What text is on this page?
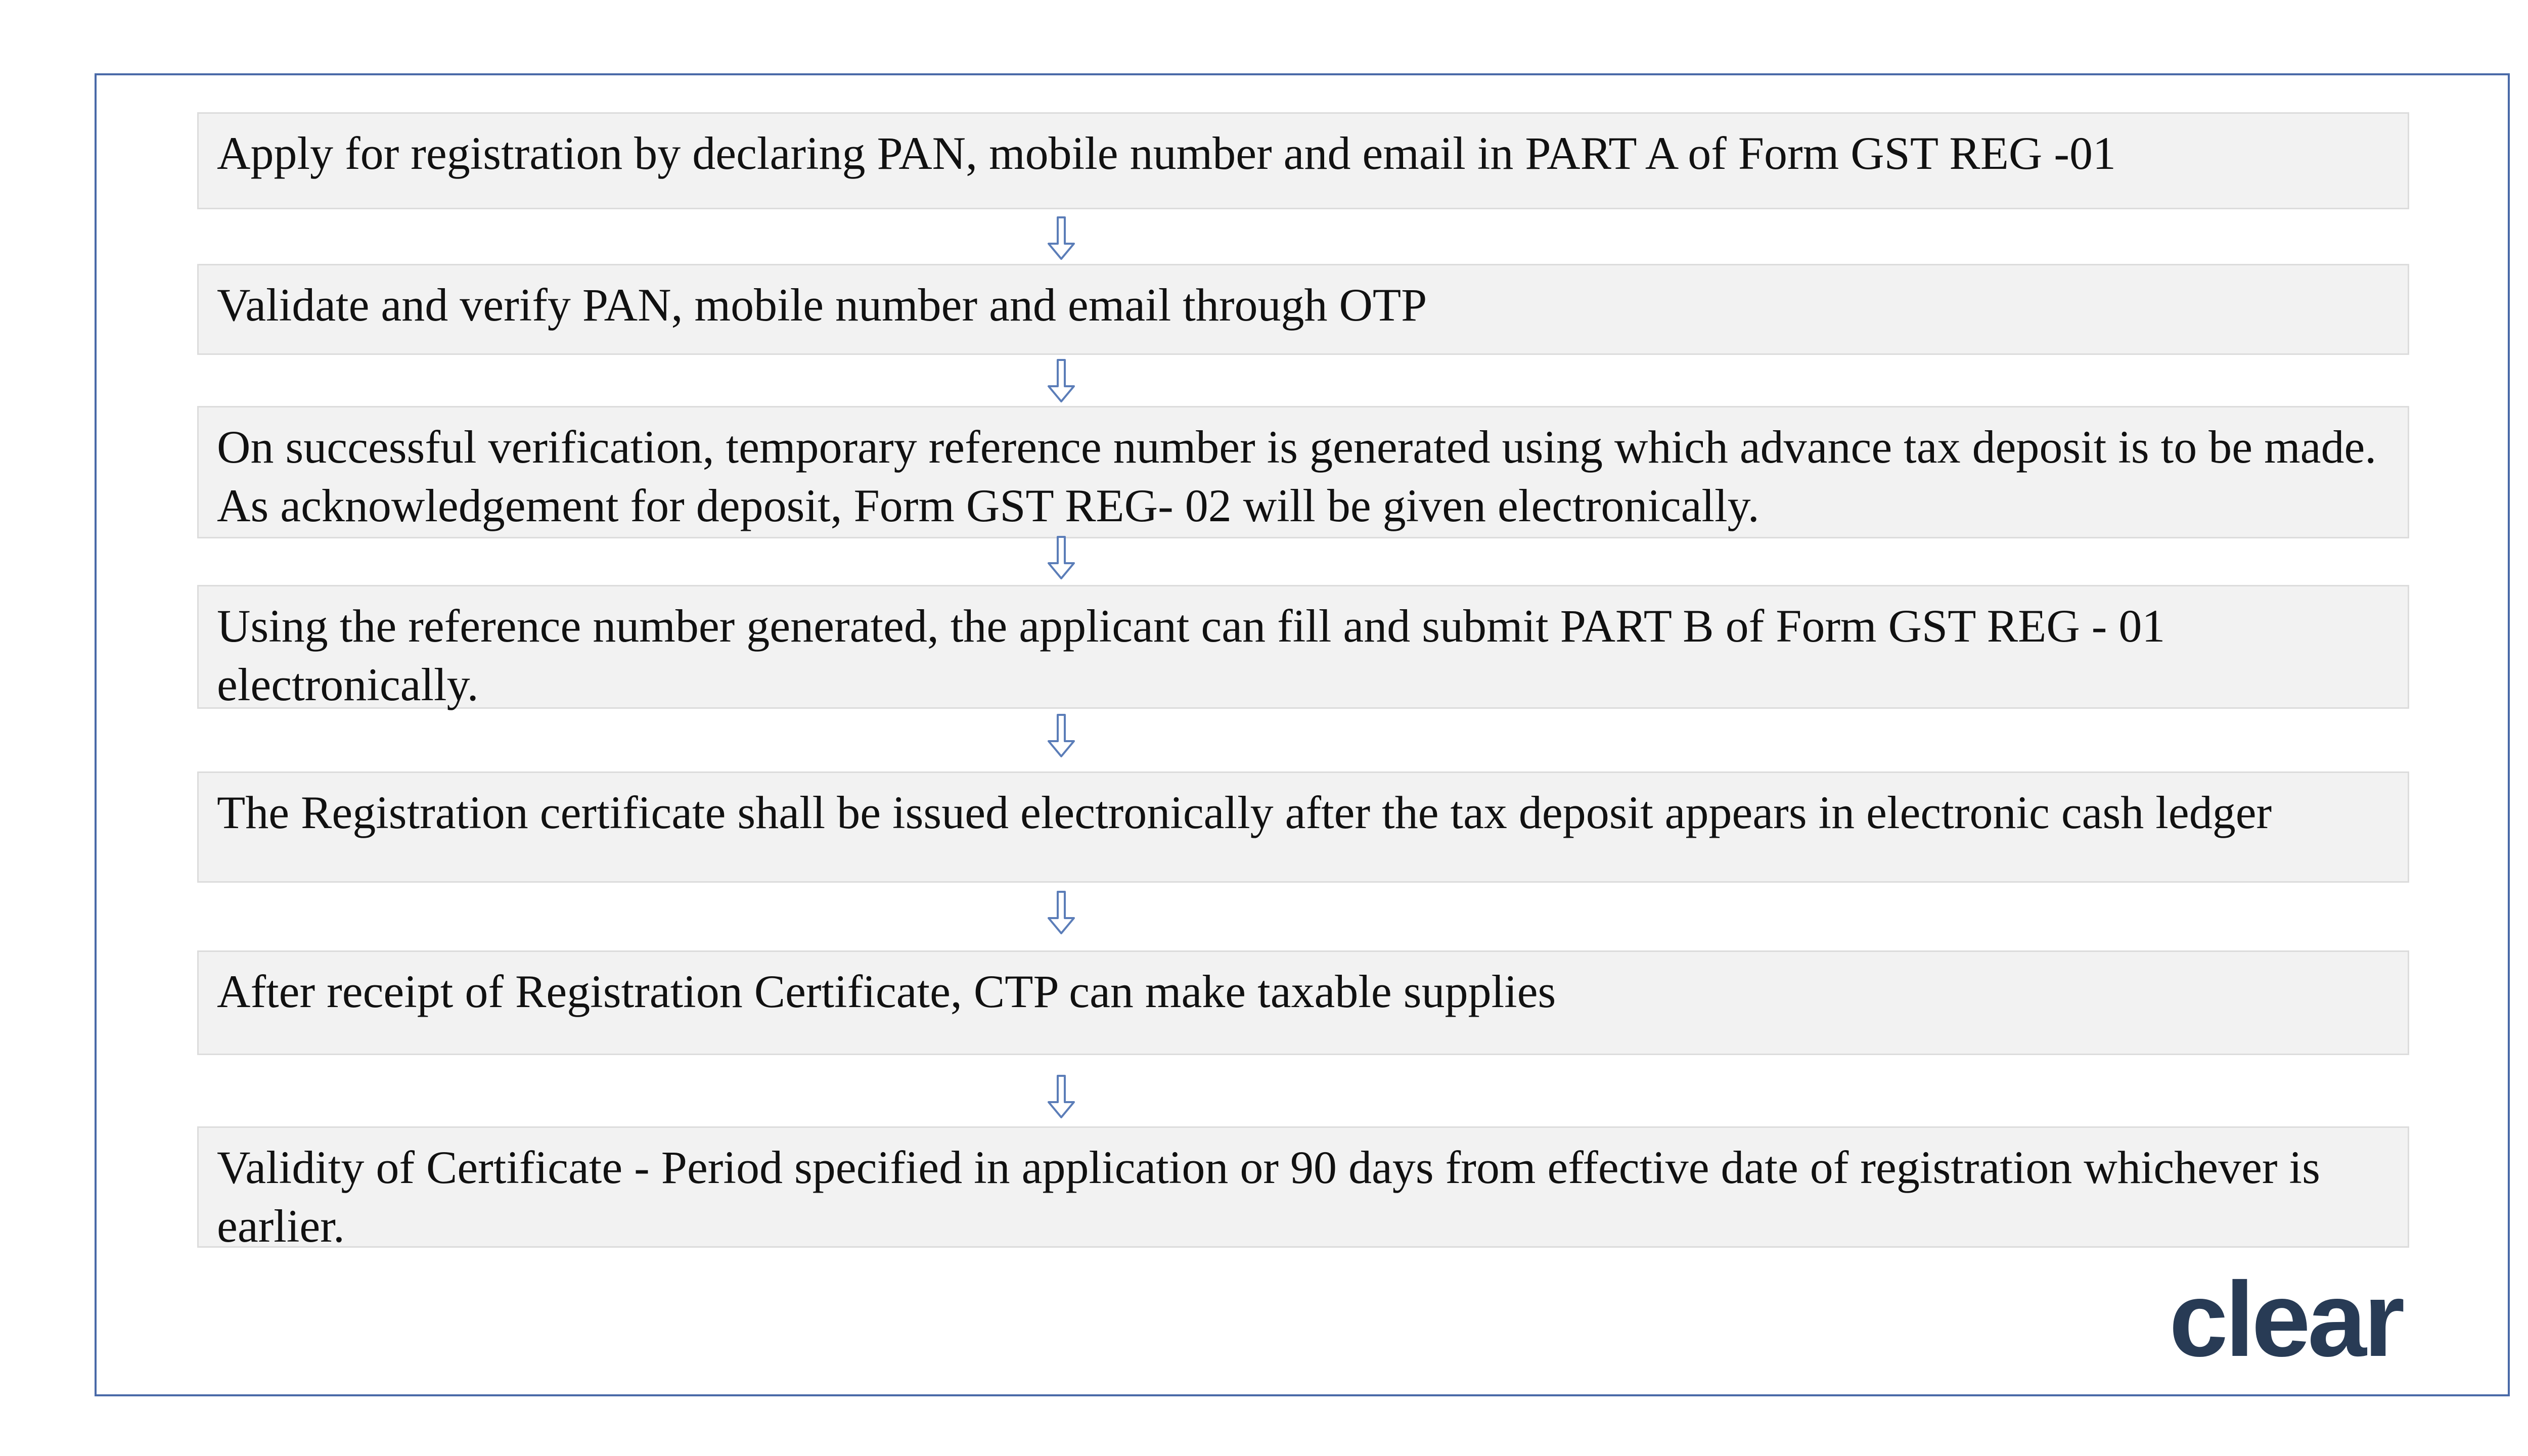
Apply for registration by declaring PAN, mobile number and email in PART A of Form GST REG -01
Validate and verify PAN, mobile number and email through OTP
On successful verification, temporary reference number is generated using which advance tax deposit is to be made. As acknowledgement for deposit, Form GST REG- 02 will be given electronically.
Using the reference number generated, the applicant can fill and submit PART B of Form GST REG - 01 electronically.
The Registration certificate shall be issued electronically after the tax deposit appears in electronic cash ledger
After receipt of Registration Certificate, CTP can make taxable supplies
Validity of Certificate - Period specified in application or 90 days from effective date of registration whichever is earlier.
clear
